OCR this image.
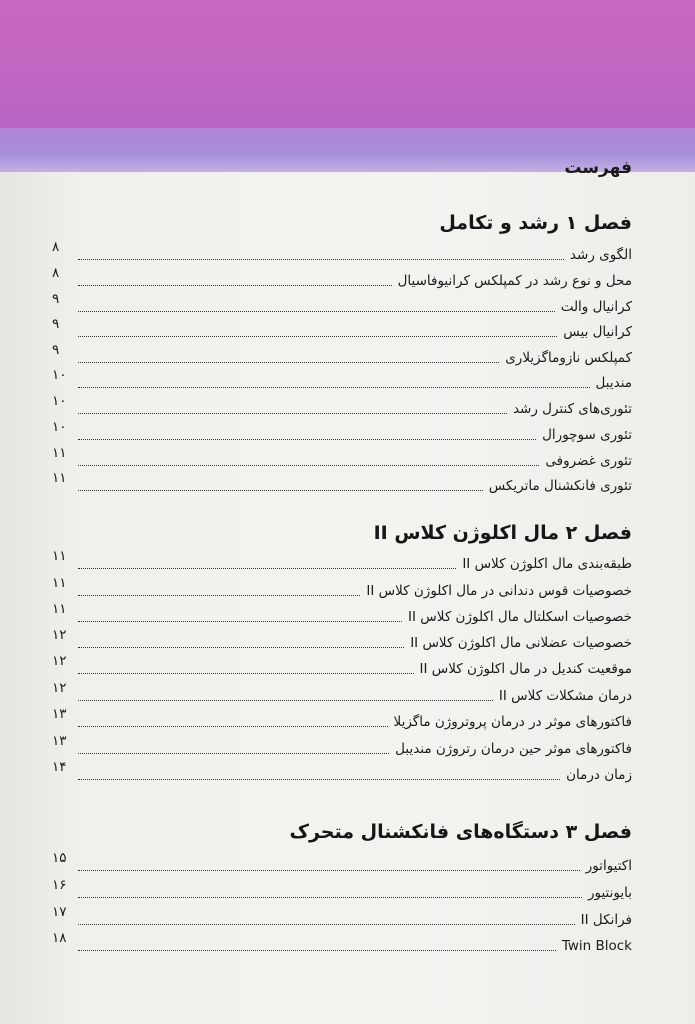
فهرست
فصل ۱ رشد و تکامل
الگوی رشد
۸
محل و نوع رشد در کمپلکس کرانیوفاسیال
۸
کرانیال والت
۹
کرانیال بیس
۹
کمپلکس نازوماگزیلاری
۹
مندیبل
۱۰
تئوری‌های کنترل رشد
۱۰
تئوری سوچورال
۱۰
تئوری غضروفی
۱۱
تئوری فانکشنال ماتریکس
۱۱
فصل ۲ مال اکلوژن کلاس II
طبقه‌بندی مال اکلوژن کلاس II
۱۱
خصوصیات قوس دندانی در مال اکلوژن کلاس II
۱۱
خصوصیات اسکلتال مال اکلوژن کلاس II
۱۱
خصوصیات عضلانی مال اکلوژن کلاس II
۱۲
موقعیت کندیل در مال اکلوژن کلاس II
۱۲
درمان مشکلات کلاس II
۱۲
فاکتورهای موثر در درمان پروتروژن ماگزیلا
۱۳
فاکتورهای موثر حین درمان رتروژن مندیبل
۱۳
زمان درمان
۱۴
فصل ۳ دستگاه‌های فانکشنال متحرک
اکتیواتور
۱۵
بایونتیور
۱۶
فرانکل II
۱۷
Twin Block
۱۸
